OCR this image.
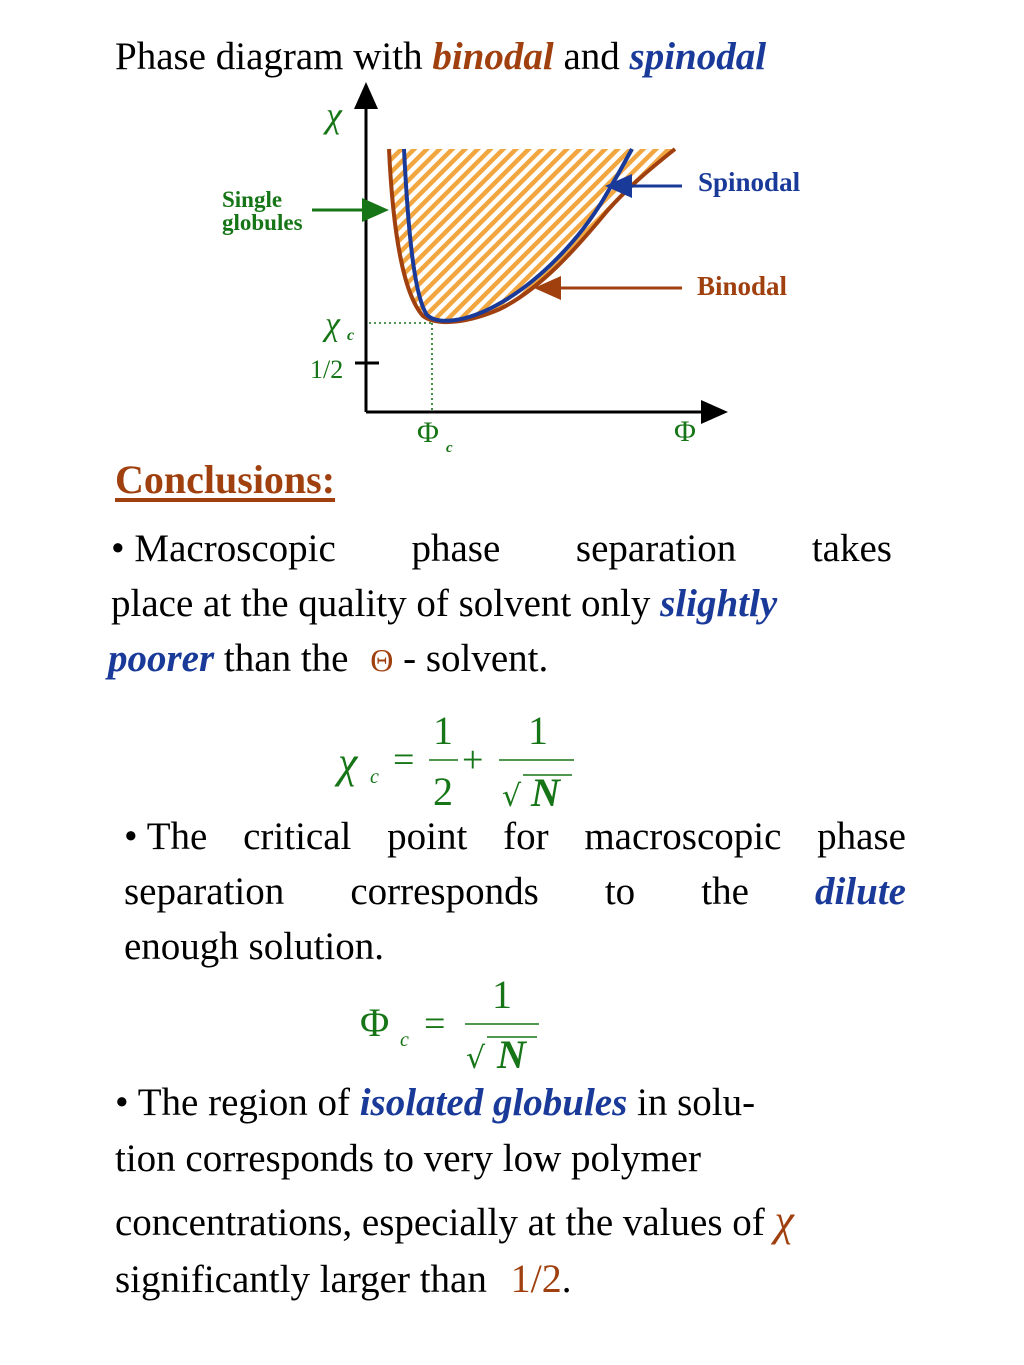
Phase diagram with binodal and spinodal
χ
Φ
χ c
1/2
Φ c
Single
globules
Spinodal
Binodal
Conclusions:
• Macroscopic phase separation takes
place at the quality of solvent only slightly
poorer than the Θ - solvent.
χ c =
1
2
+
1
√ N
• The critical point for macroscopic phase
separation corresponds to the dilute
enough solution.
Φ c =
1
√ N
• The region of isolated globules in solu-
tion corresponds to very low polymer
concentrations, especially at the values of χ
significantly larger than 1/2.
